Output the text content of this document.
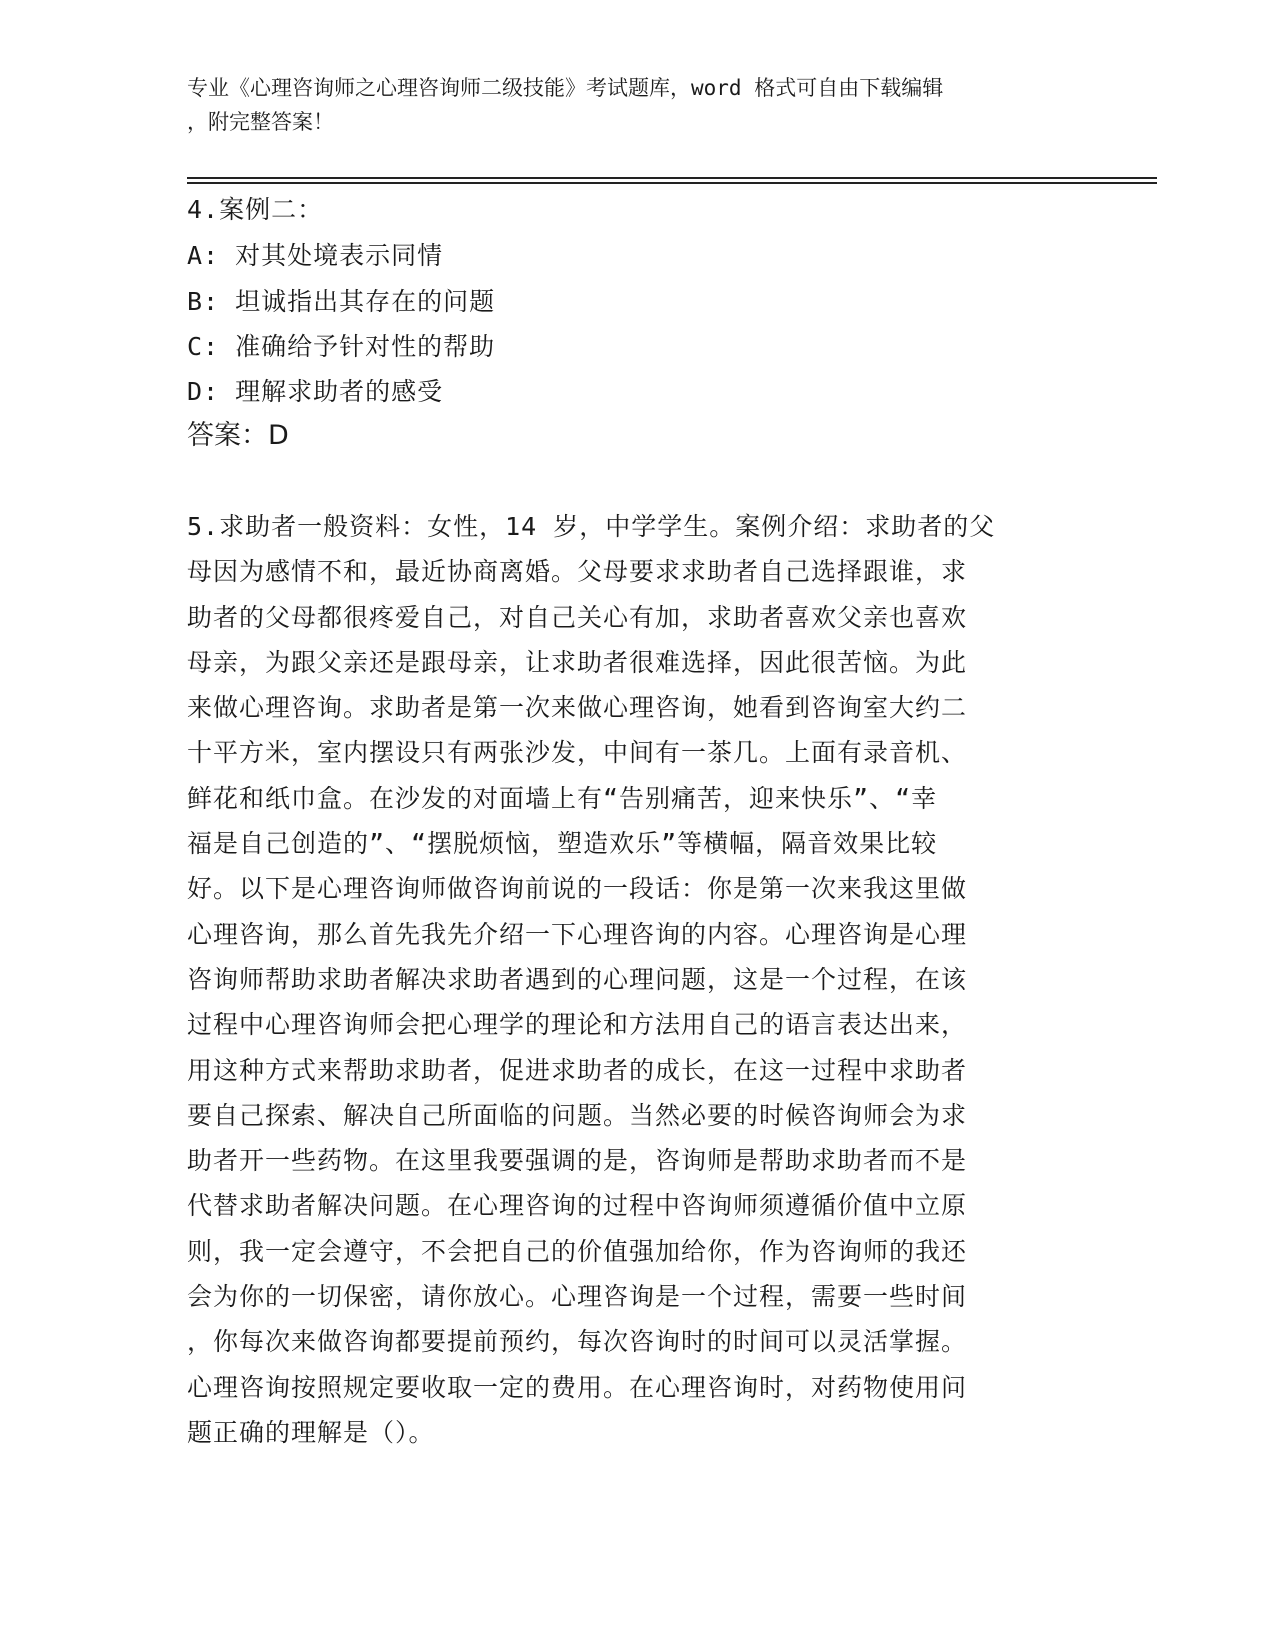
专业《心理咨询师之心理咨询师二级技能》考试题库，word 格式可自由下载编辑
，附完整答案！
4.案例二：
A: 对其处境表示同情
B: 坦诚指出其存在的问题
C: 准确给予针对性的帮助
D: 理解求助者的感受
答案：D
5.求助者一般资料：女性，14 岁，中学学生。案例介绍：求助者的父
母因为感情不和，最近协商离婚。父母要求求助者自己选择跟谁，求
助者的父母都很疼爱自己，对自己关心有加，求助者喜欢父亲也喜欢
母亲，为跟父亲还是跟母亲，让求助者很难选择，因此很苦恼。为此
来做心理咨询。求助者是第一次来做心理咨询，她看到咨询室大约二
十平方米，室内摆设只有两张沙发，中间有一茶几。上面有录音机、
鲜花和纸巾盒。在沙发的对面墙上有“告别痛苦，迎来快乐”、“幸
福是自己创造的”、“摆脱烦恼，塑造欢乐”等横幅，隔音效果比较
好。以下是心理咨询师做咨询前说的一段话：你是第一次来我这里做
心理咨询，那么首先我先介绍一下心理咨询的内容。心理咨询是心理
咨询师帮助求助者解决求助者遇到的心理问题，这是一个过程，在该
过程中心理咨询师会把心理学的理论和方法用自己的语言表达出来，
用这种方式来帮助求助者，促进求助者的成长，在这一过程中求助者
要自己探索、解决自己所面临的问题。当然必要的时候咨询师会为求
助者开一些药物。在这里我要强调的是，咨询师是帮助求助者而不是
代替求助者解决问题。在心理咨询的过程中咨询师须遵循价值中立原
则，我一定会遵守，不会把自己的价值强加给你，作为咨询师的我还
会为你的一切保密，请你放心。心理咨询是一个过程，需要一些时间
，你每次来做咨询都要提前预约，每次咨询时的时间可以灵活掌握。
心理咨询按照规定要收取一定的费用。在心理咨询时，对药物使用问
题正确的理解是（）。
